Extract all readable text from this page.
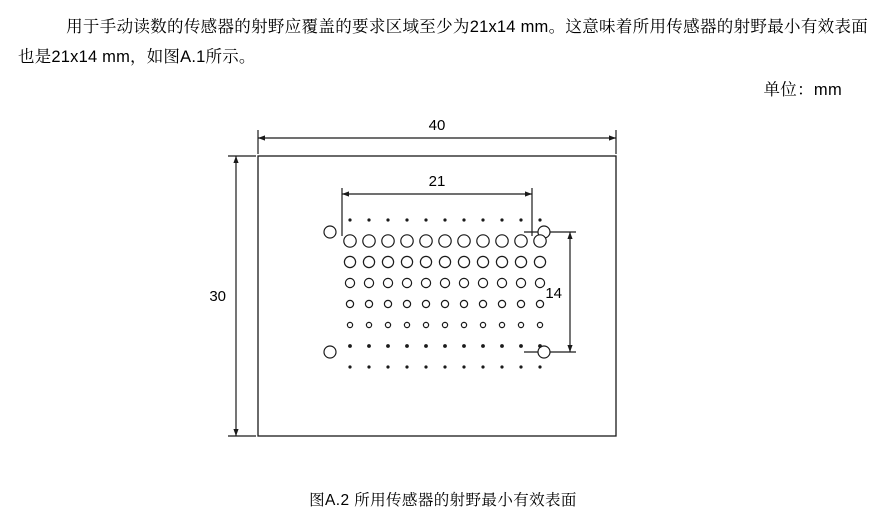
用于手动读数的传感器的射野应覆盖的要求区域至少为21x14 mm。这意味着所用传感器的射野最小有效表面也是21x14 mm，如图A.1所示。
单位：mm
40
30
21
14
图A.2 所用传感器的射野最小有效表面
